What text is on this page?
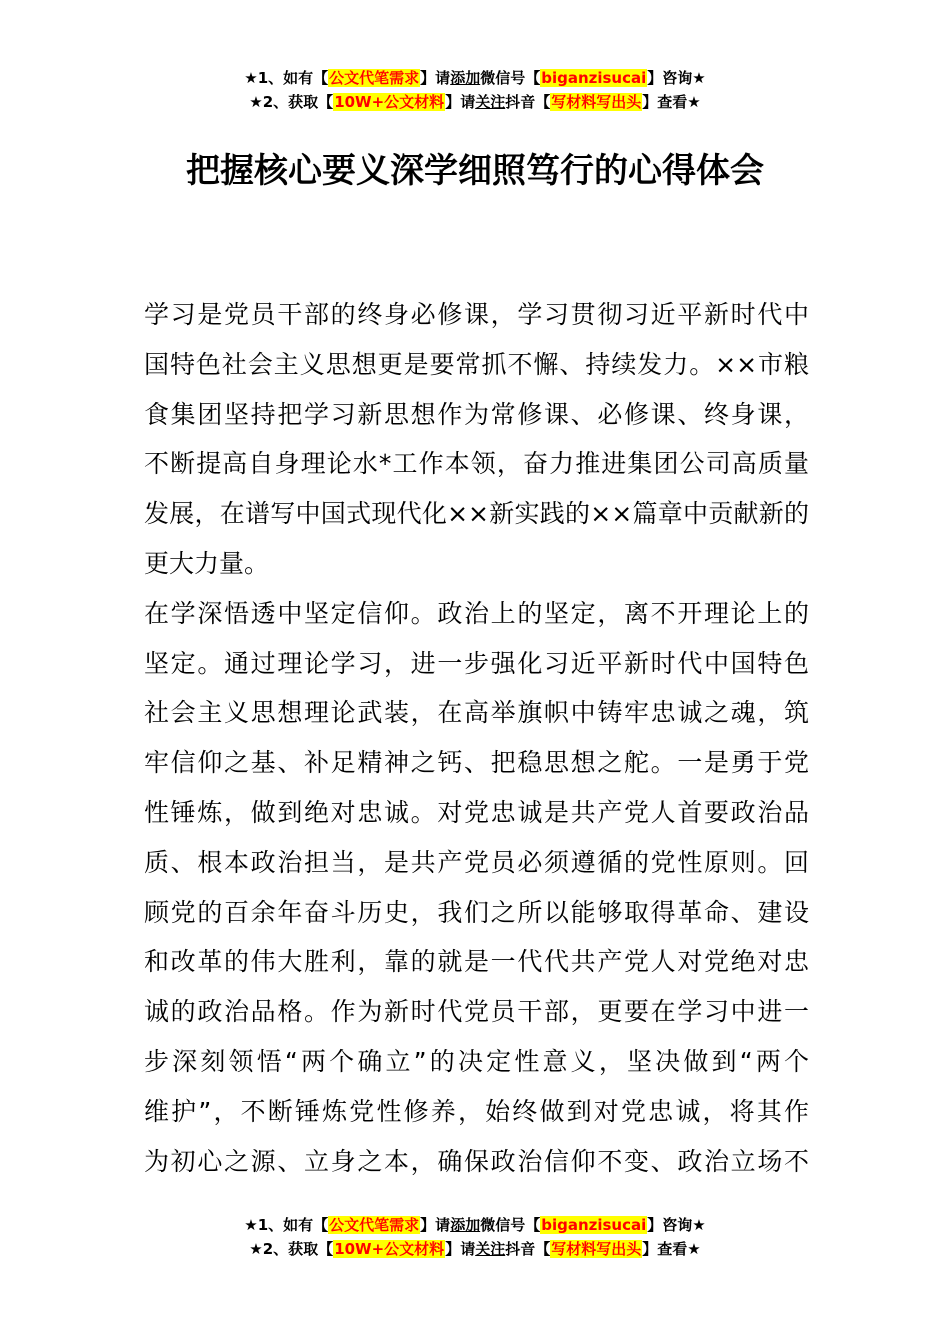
★1、如有【公文代笔需求】请添加微信号【biganzisucai】咨询★
★2、获取【10W+公文材料】请关注抖音【写材料写出头】查看★
把握核心要义深学细照笃行的心得体会
学习是党员干部的终身必修课，学习贯彻习近平新时代中
国特色社会主义思想更是要常抓不懈、持续发力。××市粮
食集团坚持把学习新思想作为常修课、必修课、终身课，
不断提高自身理论水*工作本领，奋力推进集团公司高质量
发展，在谱写中国式现代化××新实践的××篇章中贡献新的
更大力量。
在学深悟透中坚定信仰。政治上的坚定，离不开理论上的
坚定。通过理论学习，进一步强化习近平新时代中国特色
社会主义思想理论武装，在高举旗帜中铸牢忠诚之魂，筑
牢信仰之基、补足精神之钙、把稳思想之舵。一是勇于党
性锤炼，做到绝对忠诚。对党忠诚是共产党人首要政治品
质、根本政治担当，是共产党员必须遵循的党性原则。回
顾党的百余年奋斗历史，我们之所以能够取得革命、建设
和改革的伟大胜利，靠的就是一代代共产党人对党绝对忠
诚的政治品格。作为新时代党员干部，更要在学习中进一
步深刻领悟“两个确立”的决定性意义，坚决做到“两个
维护”，不断锤炼党性修养，始终做到对党忠诚，将其作
为初心之源、立身之本，确保政治信仰不变、政治立场不
★1、如有【公文代笔需求】请添加微信号【biganzisucai】咨询★
★2、获取【10W+公文材料】请关注抖音【写材料写出头】查看★
